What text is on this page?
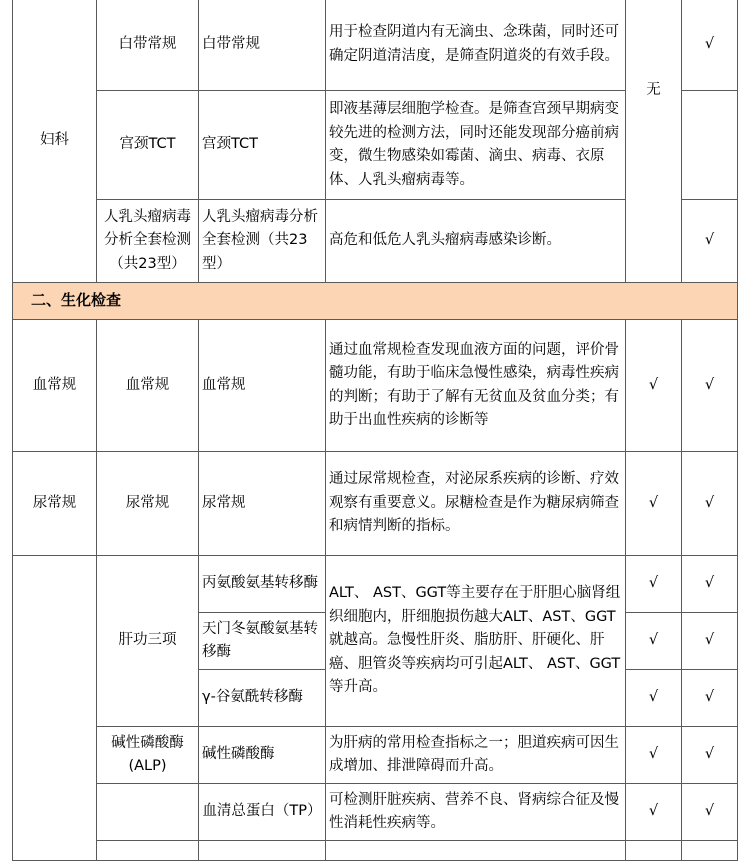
妇科	白带常规	白带常规	用于检查阴道内有无滴虫、念珠菌，同时还可确定阴道清洁度，是筛查阴道炎的有效手段。	无	√
	宫颈TCT	宫颈TCT	即液基薄层细胞学检查。是筛查宫颈早期病变较先进的检测方法，同时还能发现部分癌前病变，微生物感染如霉菌、滴虫、病毒、衣原体、人乳头瘤病毒等。		
	人乳头瘤病毒分析全套检测（共23型）	人乳头瘤病毒分析全套检测（共23型）	高危和低危人乳头瘤病毒感染诊断。		√
二、生化检查					
血常规	血常规	血常规	通过血常规检查发现血液方面的问题，评价骨髓功能，有助于临床急慢性感染，病毒性疾病的判断；有助于了解有无贫血及贫血分类；有助于出血性疾病的诊断等	√	√
尿常规	尿常规	尿常规	通过尿常规检查，对泌尿系疾病的诊断、疗效观察有重要意义。尿糖检查是作为糖尿病筛查和病情判断的指标。	√	√
	肝功三项	丙氨酸氨基转移酶	ALT、 AST、GGT等主要存在于肝胆心脑肾组织细胞内，肝细胞损伤越大ALT、AST、GGT就越高。急慢性肝炎、脂肪肝、肝硬化、肝癌、胆管炎等疾病均可引起ALT、 AST、GGT等升高。	√	√
		天门冬氨酸氨基转移酶		√	√
		γ-谷氨酰转移酶		√	√
	碱性磷酸酶(ALP)	碱性磷酸酶	为肝病的常用检查指标之一；胆道疾病可因生成增加、排泄障碍而升高。	√	√
		血清总蛋白（TP）	可检测肝脏疾病、营养不良、肾病综合征及慢性消耗性疾病等。	√	√
